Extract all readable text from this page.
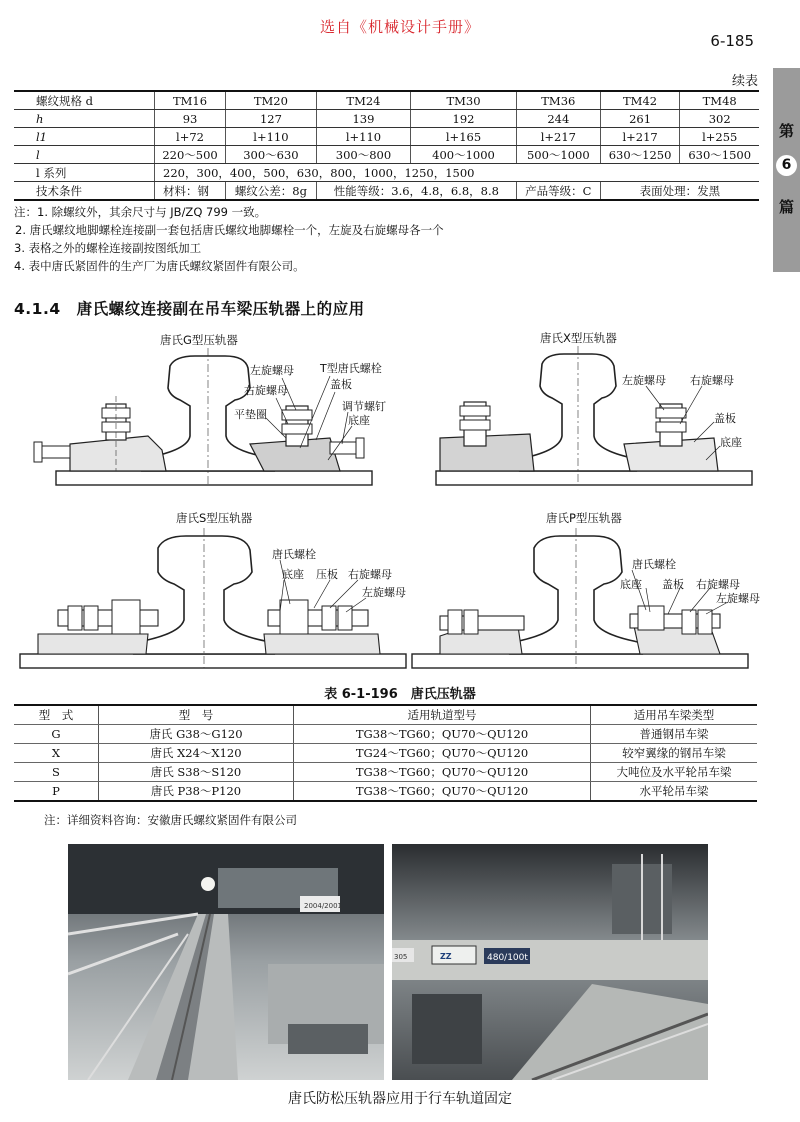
选自《机械设计手册》
6-185
第
6
篇
续表
螺纹规格 d	TM16	TM20	TM24	TM30	TM36	TM42	TM48
h	93	127	139	192	244	261	302
l1	l+72	l+110	l+110	l+165	l+217	l+217	l+255
l	220～500	300～630	300～800	400～1000	500～1000	630～1250	630～1500
l 系列	220，300，400，500，630，800，1000，1250，1500						
技术条件	材料：钢	螺纹公差：8g	性能等级：3.6，4.8，6.8，8.8		产品等级：C	表面处理：发黑	
注：1. 除螺纹外，其余尺寸与 JB/ZQ 799 一致。
2. 唐氏螺纹地脚螺栓连接副一套包括唐氏螺纹地脚螺栓一个，左旋及右旋螺母各一个
3. 表格之外的螺栓连接副按图纸加工
4. 表中唐氏紧固件的生产厂为唐氏螺纹紧固件有限公司。
4.1.4　唐氏螺纹连接副在吊车梁压轨器上的应用
唐氏G型压轨器
左旋螺母
右旋螺母
T型唐氏螺栓
盖板
平垫圈
调节螺钉
底座
唐氏X型压轨器
左旋螺母 右旋螺母
盖板
底座
唐氏S型压轨器
唐氏螺栓
底座 压板 右旋螺母
左旋螺母
唐氏P型压轨器
唐氏螺栓
底座 盖板 右旋螺母
左旋螺母
表 6-1-196　唐氏压轨器
型　式	型　号	适用轨道型号	适用吊车梁类型
G	唐氏 G38～G120	TG38～TG60；QU70～QU120	普通钢吊车梁
X	唐氏 X24～X120	TG24～TG60；QU70～QU120	较窄翼缘的钢吊车梁
S	唐氏 S38～S120	TG38～TG60；QU70～QU120	大吨位及水平轮吊车梁
P	唐氏 P38～P120	TG38～TG60；QU70～QU120	水平轮吊车梁
注：详细资料咨询：安徽唐氏螺纹紧固件有限公司
2004/2001
ZZ	480/100t
305
唐氏防松压轨器应用于行车轨道固定
